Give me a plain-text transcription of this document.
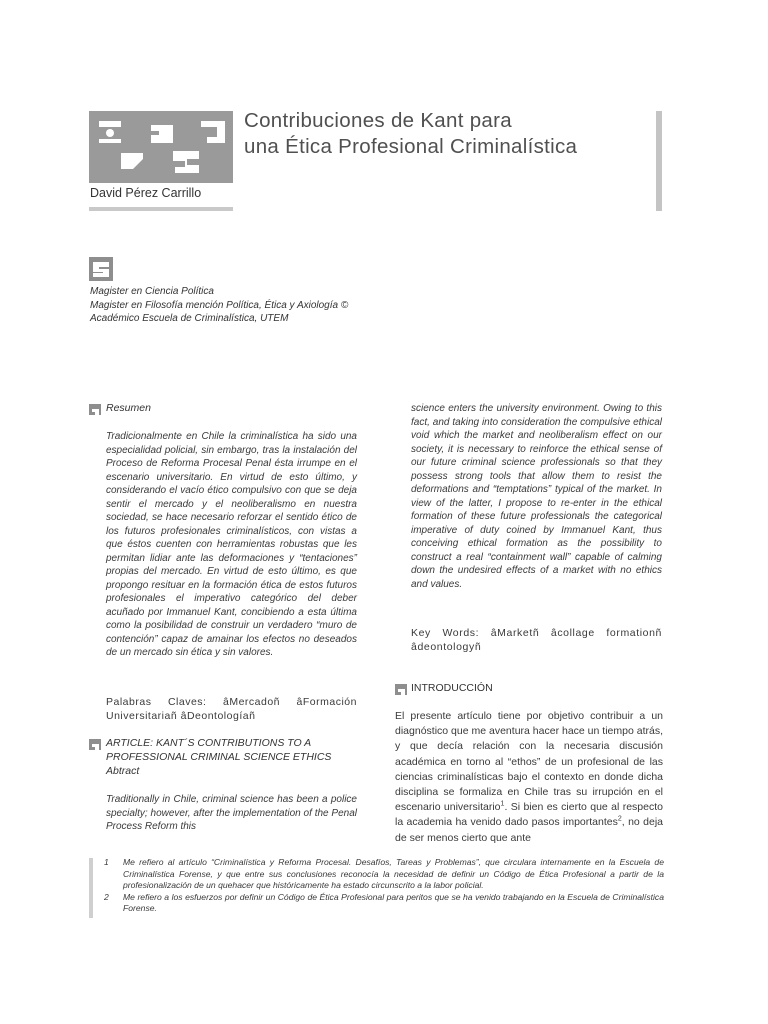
Contribuciones de Kant para
una Ética Profesional Criminalística
David Pérez Carrillo
Magister en Ciencia Política
Magister en Filosofía mención Política, Ética y Axiología ©
Académico Escuela de Criminalística, UTEM
Resumen
Tradicionalmente en Chile la criminalística ha sido una especialidad policial, sin embargo, tras la instalación del Proceso de Reforma Procesal Penal ésta irrumpe en el escenario universitario. En virtud de esto último, y considerando el vacío ético compulsivo con que se deja sentir el mercado y el neoliberalismo en nuestra sociedad, se hace necesario reforzar el sentido ético de los futuros profesionales criminalísticos, con vistas a que éstos cuenten con herramientas robustas que les permitan lidiar ante las deformaciones y “tentaciones” propias del mercado. En virtud de esto último, es que propongo resituar en la formación ética de estos futuros profesionales el imperativo categórico del deber acuñado por Immanuel Kant, concibiendo a esta última como la posibilidad de construir un verdadero “muro de contención” capaz de amainar los efectos no deseados de un mercado sin ética y sin valores.
Palabras Claves: âMercadoñ âFormación Universitariañ âDeontologíañ
ARTICLE: KANT´S CONTRIBUTIONS TO A PROFESSIONAL CRIMINAL SCIENCE ETHICS
Abtract
Traditionally in Chile, criminal science has been a police specialty; however, after the implementation of the Penal Process Reform this
science enters the university environment. Owing to this fact, and taking into consideration the compulsive ethical void which the market and neoliberalism effect on our society, it is necessary to reinforce the ethical sense of our future criminal science professionals so that they possess strong tools that allow them to resist the deformations and “temptations” typical of the market. In view of the latter, I propose to re-enter in the ethical formation of these future professionals the categorical imperative of duty coined by Immanuel Kant, thus conceiving ethical formation as the possibility to construct a real “containment wall” capable of calming down the undesired effects of a market with no ethics and values.
Key Words: âMarketñ âcollage formationñ âdeontologyñ
INTRODUCCIÓN
El presente artículo tiene por objetivo contribuir a un diagnóstico que me aventura hacer hace un tiempo atrás, y que decía relación con la necesaria discusión académica en torno al “ethos” de un profesional de las ciencias criminalísticas bajo el contexto en donde dicha disciplina se formaliza en Chile tras su irrupción en el escenario universitario$^1$. Si bien es cierto que al respecto la academia ha venido dado pasos importantes$^2$, no deja de ser menos cierto que ante
1	Me refiero al artículo “Criminalística y Reforma Procesal. Desafíos, Tareas y Problemas”, que circulara internamente en la Escuela de Criminalística Forense, y que entre sus conclusiones reconocía la necesidad de definir un Código de Ética Profesional a partir de la profesionalización de un quehacer que históricamente ha estado circunscrito a la labor policial.
2	Me refiero a los esfuerzos por definir un Código de Ética Profesional para peritos que se ha venido trabajando en la Escuela de Criminalística Forense.
